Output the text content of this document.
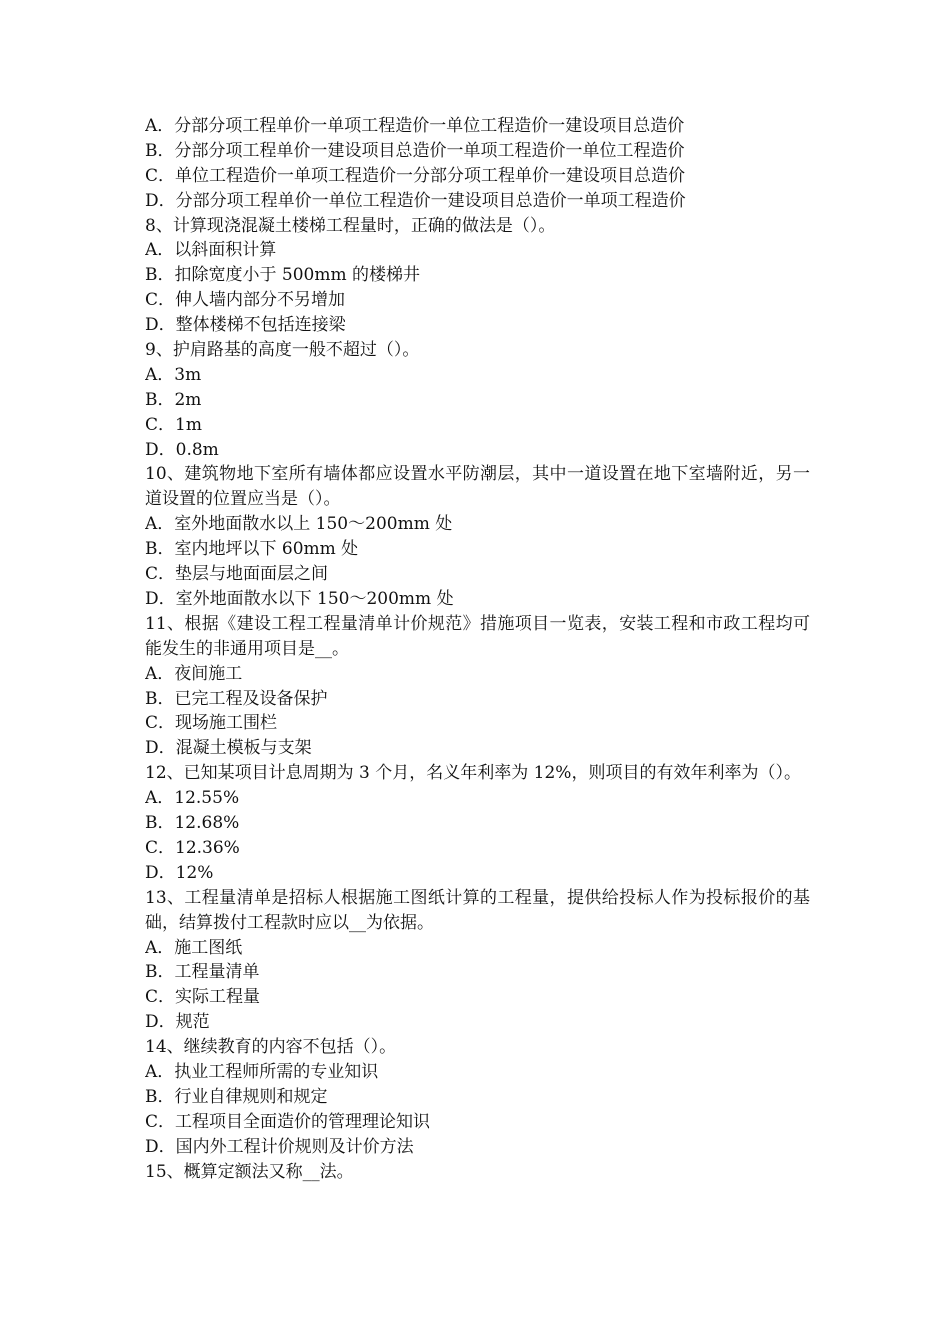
A．分部分项工程单价一单项工程造价一单位工程造价一建设项目总造价
B．分部分项工程单价一建设项目总造价一单项工程造价一单位工程造价
C．单位工程造价一单项工程造价一分部分项工程单价一建设项目总造价
D．分部分项工程单价一单位工程造价一建设项目总造价一单项工程造价
8、计算现浇混凝土楼梯工程量时，正确的做法是（）。
A．以斜面积计算
B．扣除宽度小于 500mm 的楼梯井
C．伸人墙内部分不另增加
D．整体楼梯不包括连接梁
9、护肩路基的高度一般不超过（）。
A．3m
B．2m
C．1m
D．0.8m
10、建筑物地下室所有墙体都应设置水平防潮层，其中一道设置在地下室墙附近，另一道设置的位置应当是（）。
A．室外地面散水以上 150～200mm 处
B．室内地坪以下 60mm 处
C．垫层与地面面层之间
D．室外地面散水以下 150～200mm 处
11、根据《建设工程工程量清单计价规范》措施项目一览表，安装工程和市政工程均可能发生的非通用项目是__。
A．夜间施工
B．已完工程及设备保护
C．现场施工围栏
D．混凝土模板与支架
12、已知某项目计息周期为 3 个月，名义年利率为 12%，则项目的有效年利率为（）。
A．12.55%
B．12.68%
C．12.36%
D．12%
13、工程量清单是招标人根据施工图纸计算的工程量，提供给投标人作为投标报价的基础，结算拨付工程款时应以__为依据。
A．施工图纸
B．工程量清单
C．实际工程量
D．规范
14、继续教育的内容不包括（）。
A．执业工程师所需的专业知识
B．行业自律规则和规定
C．工程项目全面造价的管理理论知识
D．国内外工程计价规则及计价方法
15、概算定额法又称__法。
